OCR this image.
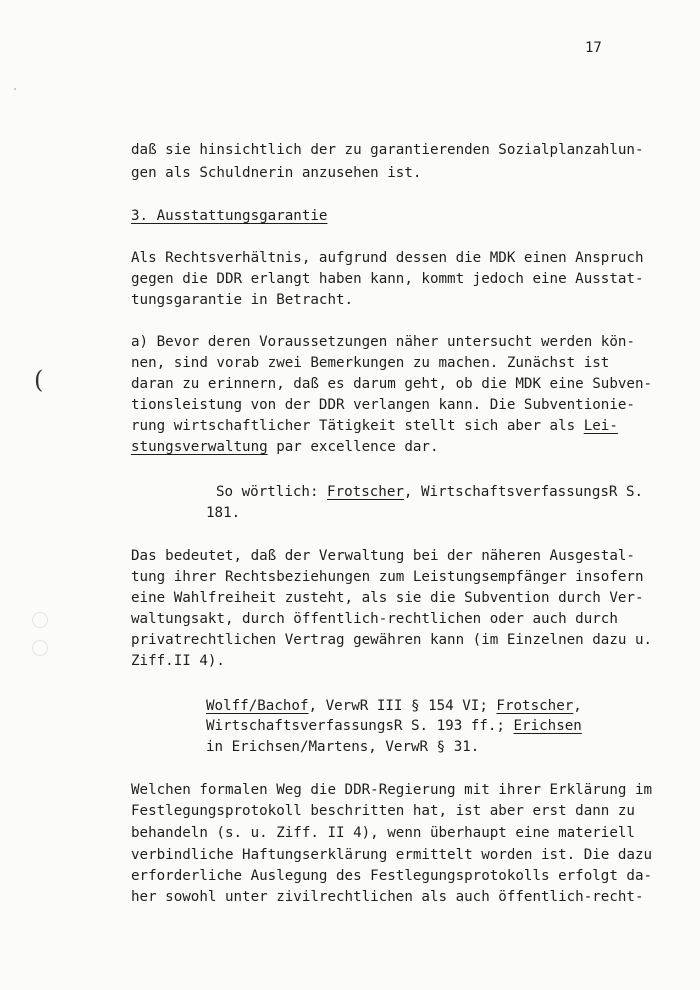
17
(
daß sie hinsichtlich der zu garantierenden Sozialplanzahlun-
gen als Schuldnerin anzusehen ist.
3. Ausstattungsgarantie
Als Rechtsverhältnis, aufgrund dessen die MDK einen Anspruch
gegen die DDR erlangt haben kann, kommt jedoch eine Ausstat-
tungsgarantie in Betracht.
a) Bevor deren Voraussetzungen näher untersucht werden kön-
nen, sind vorab zwei Bemerkungen zu machen. Zunächst ist
daran zu erinnern, daß es darum geht, ob die MDK eine Subven-
tionsleistung von der DDR verlangen kann. Die Subventionie-
rung wirtschaftlicher Tätigkeit stellt sich aber als Lei-
stungsverwaltung par excellence dar.
So wörtlich: Frotscher, WirtschaftsverfassungsR S.
181.
Das bedeutet, daß der Verwaltung bei der näheren Ausgestal-
tung ihrer Rechtsbeziehungen zum Leistungsempfänger insofern
eine Wahlfreiheit zusteht, als sie die Subvention durch Ver-
waltungsakt, durch öffentlich-rechtlichen oder auch durch
privatrechtlichen Vertrag gewähren kann (im Einzelnen dazu u.
Ziff.II 4).
Wolff/Bachof, VerwR III § 154 VI; Frotscher,
WirtschaftsverfassungsR S. 193 ff.; Erichsen
in Erichsen/Martens, VerwR § 31.
Welchen formalen Weg die DDR-Regierung mit ihrer Erklärung im
Festlegungsprotokoll beschritten hat, ist aber erst dann zu
behandeln (s. u. Ziff. II 4), wenn überhaupt eine materiell
verbindliche Haftungserklärung ermittelt worden ist. Die dazu
erforderliche Auslegung des Festlegungsprotokolls erfolgt da-
her sowohl unter zivilrechtlichen als auch öffentlich-recht-
